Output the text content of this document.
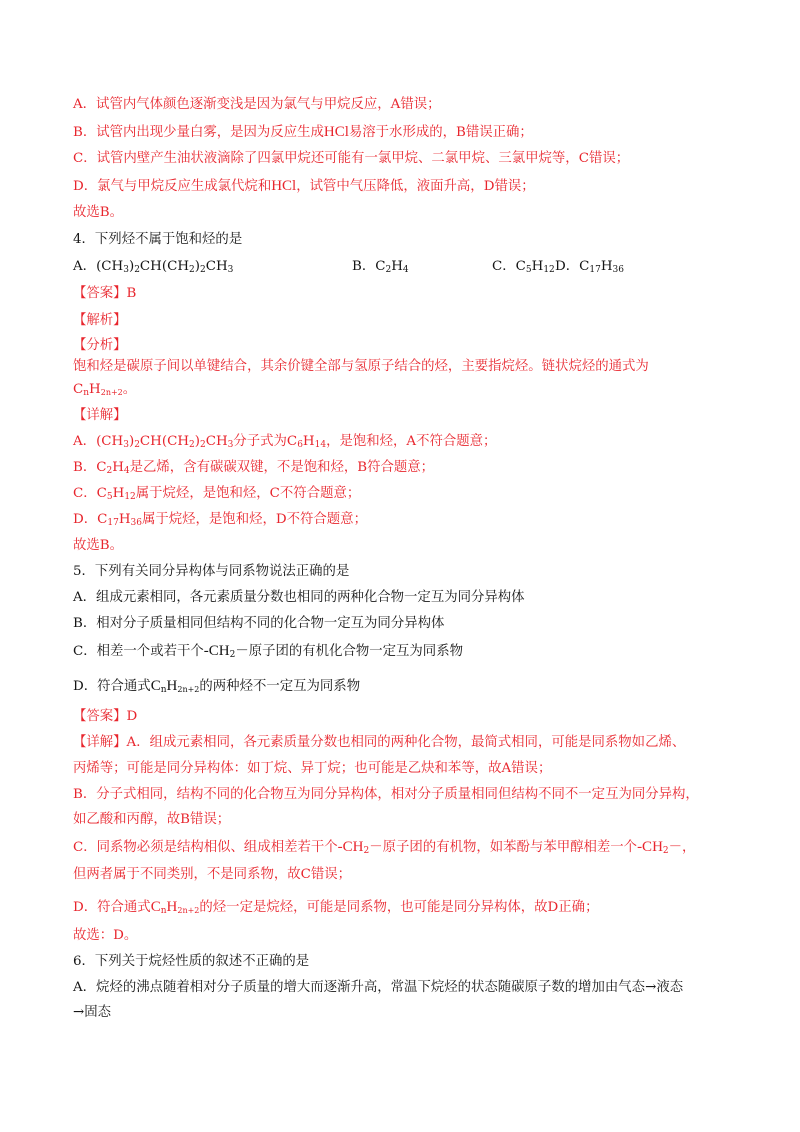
A．试管内气体颜色逐渐变浅是因为氯气与甲烷反应，A错误；
B．试管内出现少量白雾，是因为反应生成HCl易溶于水形成的，B错误正确；
C．试管内壁产生油状液滴除了四氯甲烷还可能有一氯甲烷、二氯甲烷、三氯甲烷等，C错误；
D．氯气与甲烷反应生成氯代烷和HCl，试管中气压降低，液面升高，D错误；
故选B。
4．下列烃不属于饱和烃的是
A．$(CH_3)_2CH(CH_2)_2CH_3$	B．$C_2H_4$	C．$C_5H_{12}$ D．$C_{17}H_{36}$
【答案】B
【解析】
【分析】
饱和烃是碳原子间以单键结合，其余价键全部与氢原子结合的烃，主要指烷烃。链状烷烃的通式为
$C_nH_{2n+2}$。
【详解】
A．$(CH_3)_2CH(CH_2)_2CH_3$分子式为$C_6H_{14}$，是饱和烃，A不符合题意；
B．$C_2H_4$是乙烯，含有碳碳双键，不是饱和烃，B符合题意；
C．$C_5H_{12}$属于烷烃，是饱和烃，C不符合题意；
D．$C_{17}H_{36}$属于烷烃，是饱和烃，D不符合题意；
故选B。
5．下列有关同分异构体与同系物说法正确的是
A．组成元素相同，各元素质量分数也相同的两种化合物一定互为同分异构体
B．相对分子质量相同但结构不同的化合物一定互为同分异构体
C．相差一个或若干个$-CH_2-$原子团的有机化合物一定互为同系物
D．符合通式$C_nH_{2n+2}$的两种烃不一定互为同系物
【答案】D
【详解】A．组成元素相同，各元素质量分数也相同的两种化合物，最简式相同，可能是同系物如乙烯、
丙烯等；可能是同分异构体：如丁烷、异丁烷；也可能是乙炔和苯等，故A错误；
B．分子式相同，结构不同的化合物互为同分异构体，相对分子质量相同但结构不同不一定互为同分异构，
如乙酸和丙醇，故B错误；
C．同系物必须是结构相似、组成相差若干个$-CH_2-$原子团的有机物，如苯酚与苯甲醇相差一个$-CH_2-$，
但两者属于不同类别，不是同系物，故C错误；
D．符合通式$C_nH_{2n+2}$的烃一定是烷烃，可能是同系物，也可能是同分异构体，故D正确；
故选：D。
6．下列关于烷烃性质的叙述不正确的是
A．烷烃的沸点随着相对分子质量的增大而逐渐升高，常温下烷烃的状态随碳原子数的增加由气态→液态
→固态
